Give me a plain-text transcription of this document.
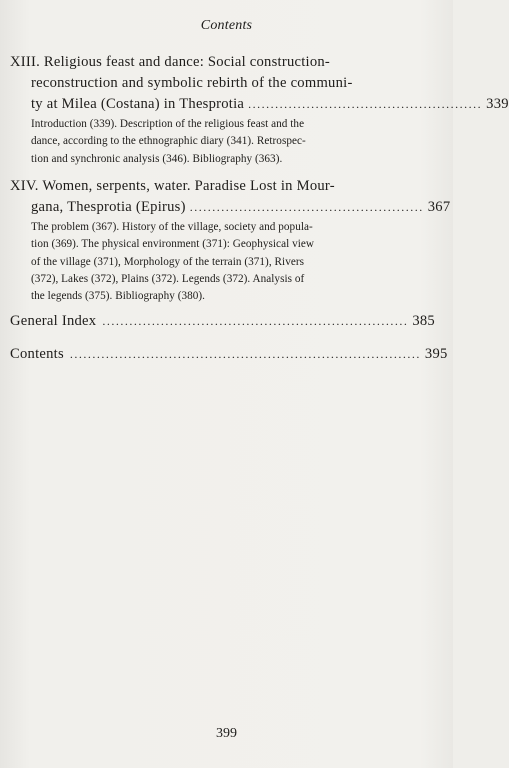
Contents
XIII. Religious feast and dance: Social construction-
reconstruction and symbolic rebirth of the communi-
ty at Milea (Costana) in Thesprotia .................................................... 339
Introduction (339). Description of the religious feast and the
dance, according to the ethnographic diary (341). Retrospec-
tion and synchronic analysis (346). Bibliography (363).
XIV. Women, serpents, water. Paradise Lost in Mour-
gana, Thesprotia (Epirus) .................................................... 367
The problem (367). History of the village, society and popula-
tion (369). The physical environment (371): Geophysical view
of the village (371), Morphology of the terrain (371), Rivers
(372), Lakes (372), Plains (372). Legends (372). Analysis of
the legends (375). Bibliography (380).
General Index .................................................................... 385
Contents .............................................................................. 395
399
